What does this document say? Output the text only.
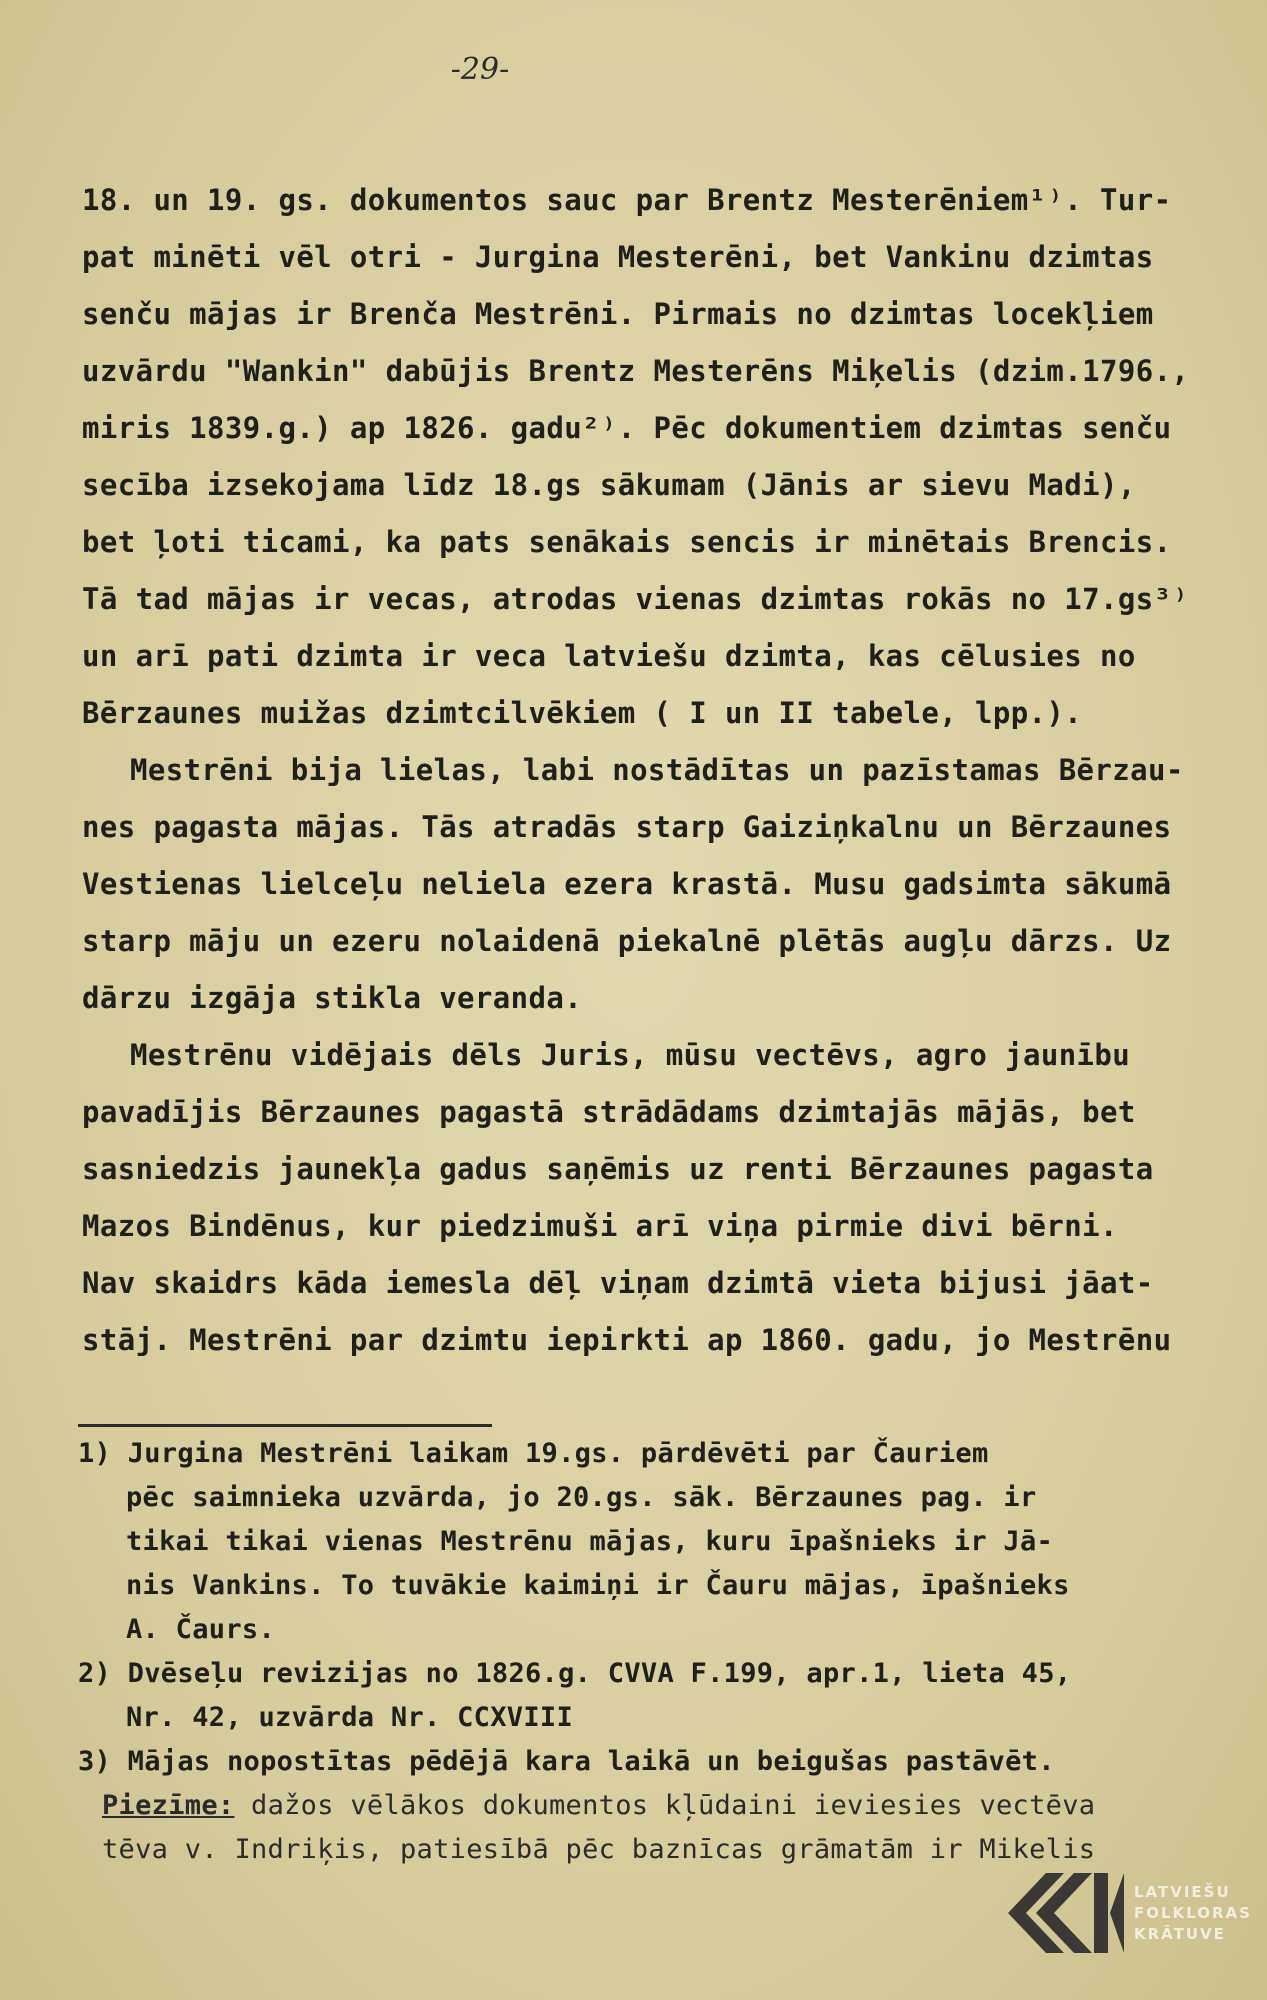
-29-
18. un 19. gs. dokumentos sauc par Brentz Mesterēniem¹⁾. Tur-
pat minēti vēl otri - Jurgina Mesterēni, bet Vankinu dzimtas
senču mājas ir Brenča Mestrēni. Pirmais no dzimtas locekļiem
uzvārdu "Wankin" dabūjis Brentz Mesterēns Miķelis (dzim.1796.,
miris 1839.g.) ap 1826. gadu²⁾. Pēc dokumentiem dzimtas senču
secība izsekojama līdz 18.gs sākumam (Jānis ar sievu Madi),
bet ļoti ticami, ka pats senākais sencis ir minētais Brencis.
Tā tad mājas ir vecas, atrodas vienas dzimtas rokās no 17.gs³⁾
un arī pati dzimta ir veca latviešu dzimta, kas cēlusies no
Bērzaunes muižas dzimtcilvēkiem ( I un II tabele, lpp.).
Mestrēni bija lielas, labi nostādītas un pazīstamas Bērzau-
nes pagasta mājas. Tās atradās starp Gaiziņkalnu un Bērzaunes
Vestienas lielceļu neliela ezera krastā. Musu gadsimta sākumā
starp māju un ezeru nolaidenā piekalnē plētās augļu dārzs. Uz
dārzu izgāja stikla veranda.
Mestrēnu vidējais dēls Juris, mūsu vectēvs, agro jaunību
pavadījis Bērzaunes pagastā strādādams dzimtajās mājās, bet
sasniedzis jaunekļa gadus saņēmis uz renti Bērzaunes pagasta
Mazos Bindēnus, kur piedzimuši arī viņa pirmie divi bērni.
Nav skaidrs kāda iemesla dēļ viņam dzimtā vieta bijusi jāat-
stāj. Mestrēni par dzimtu iepirkti ap 1860. gadu, jo Mestrēnu
1) Jurgina Mestrēni laikam 19.gs. pārdēvēti par Čauriem
pēc saimnieka uzvārda, jo 20.gs. sāk. Bērzaunes pag. ir
tikai tikai vienas Mestrēnu mājas, kuru īpašnieks ir Jā-
nis Vankins. To tuvākie kaimiņi ir Čauru mājas, īpašnieks
A. Čaurs.
2) Dvēseļu revizijas no 1826.g. CVVA F.199, apr.1, lieta 45,
Nr. 42, uzvārda Nr. CCXVIII
3) Mājas nopostītas pēdējā kara laikā un beigušas pastāvēt.
Piezīme: dažos vēlākos dokumentos kļūdaini ieviesies vectēva
tēva v. Indriķis, patiesībā pēc baznīcas grāmatām ir Mikelis
LATVIEŠU
FOLKLORAS
KRĀTUVE
